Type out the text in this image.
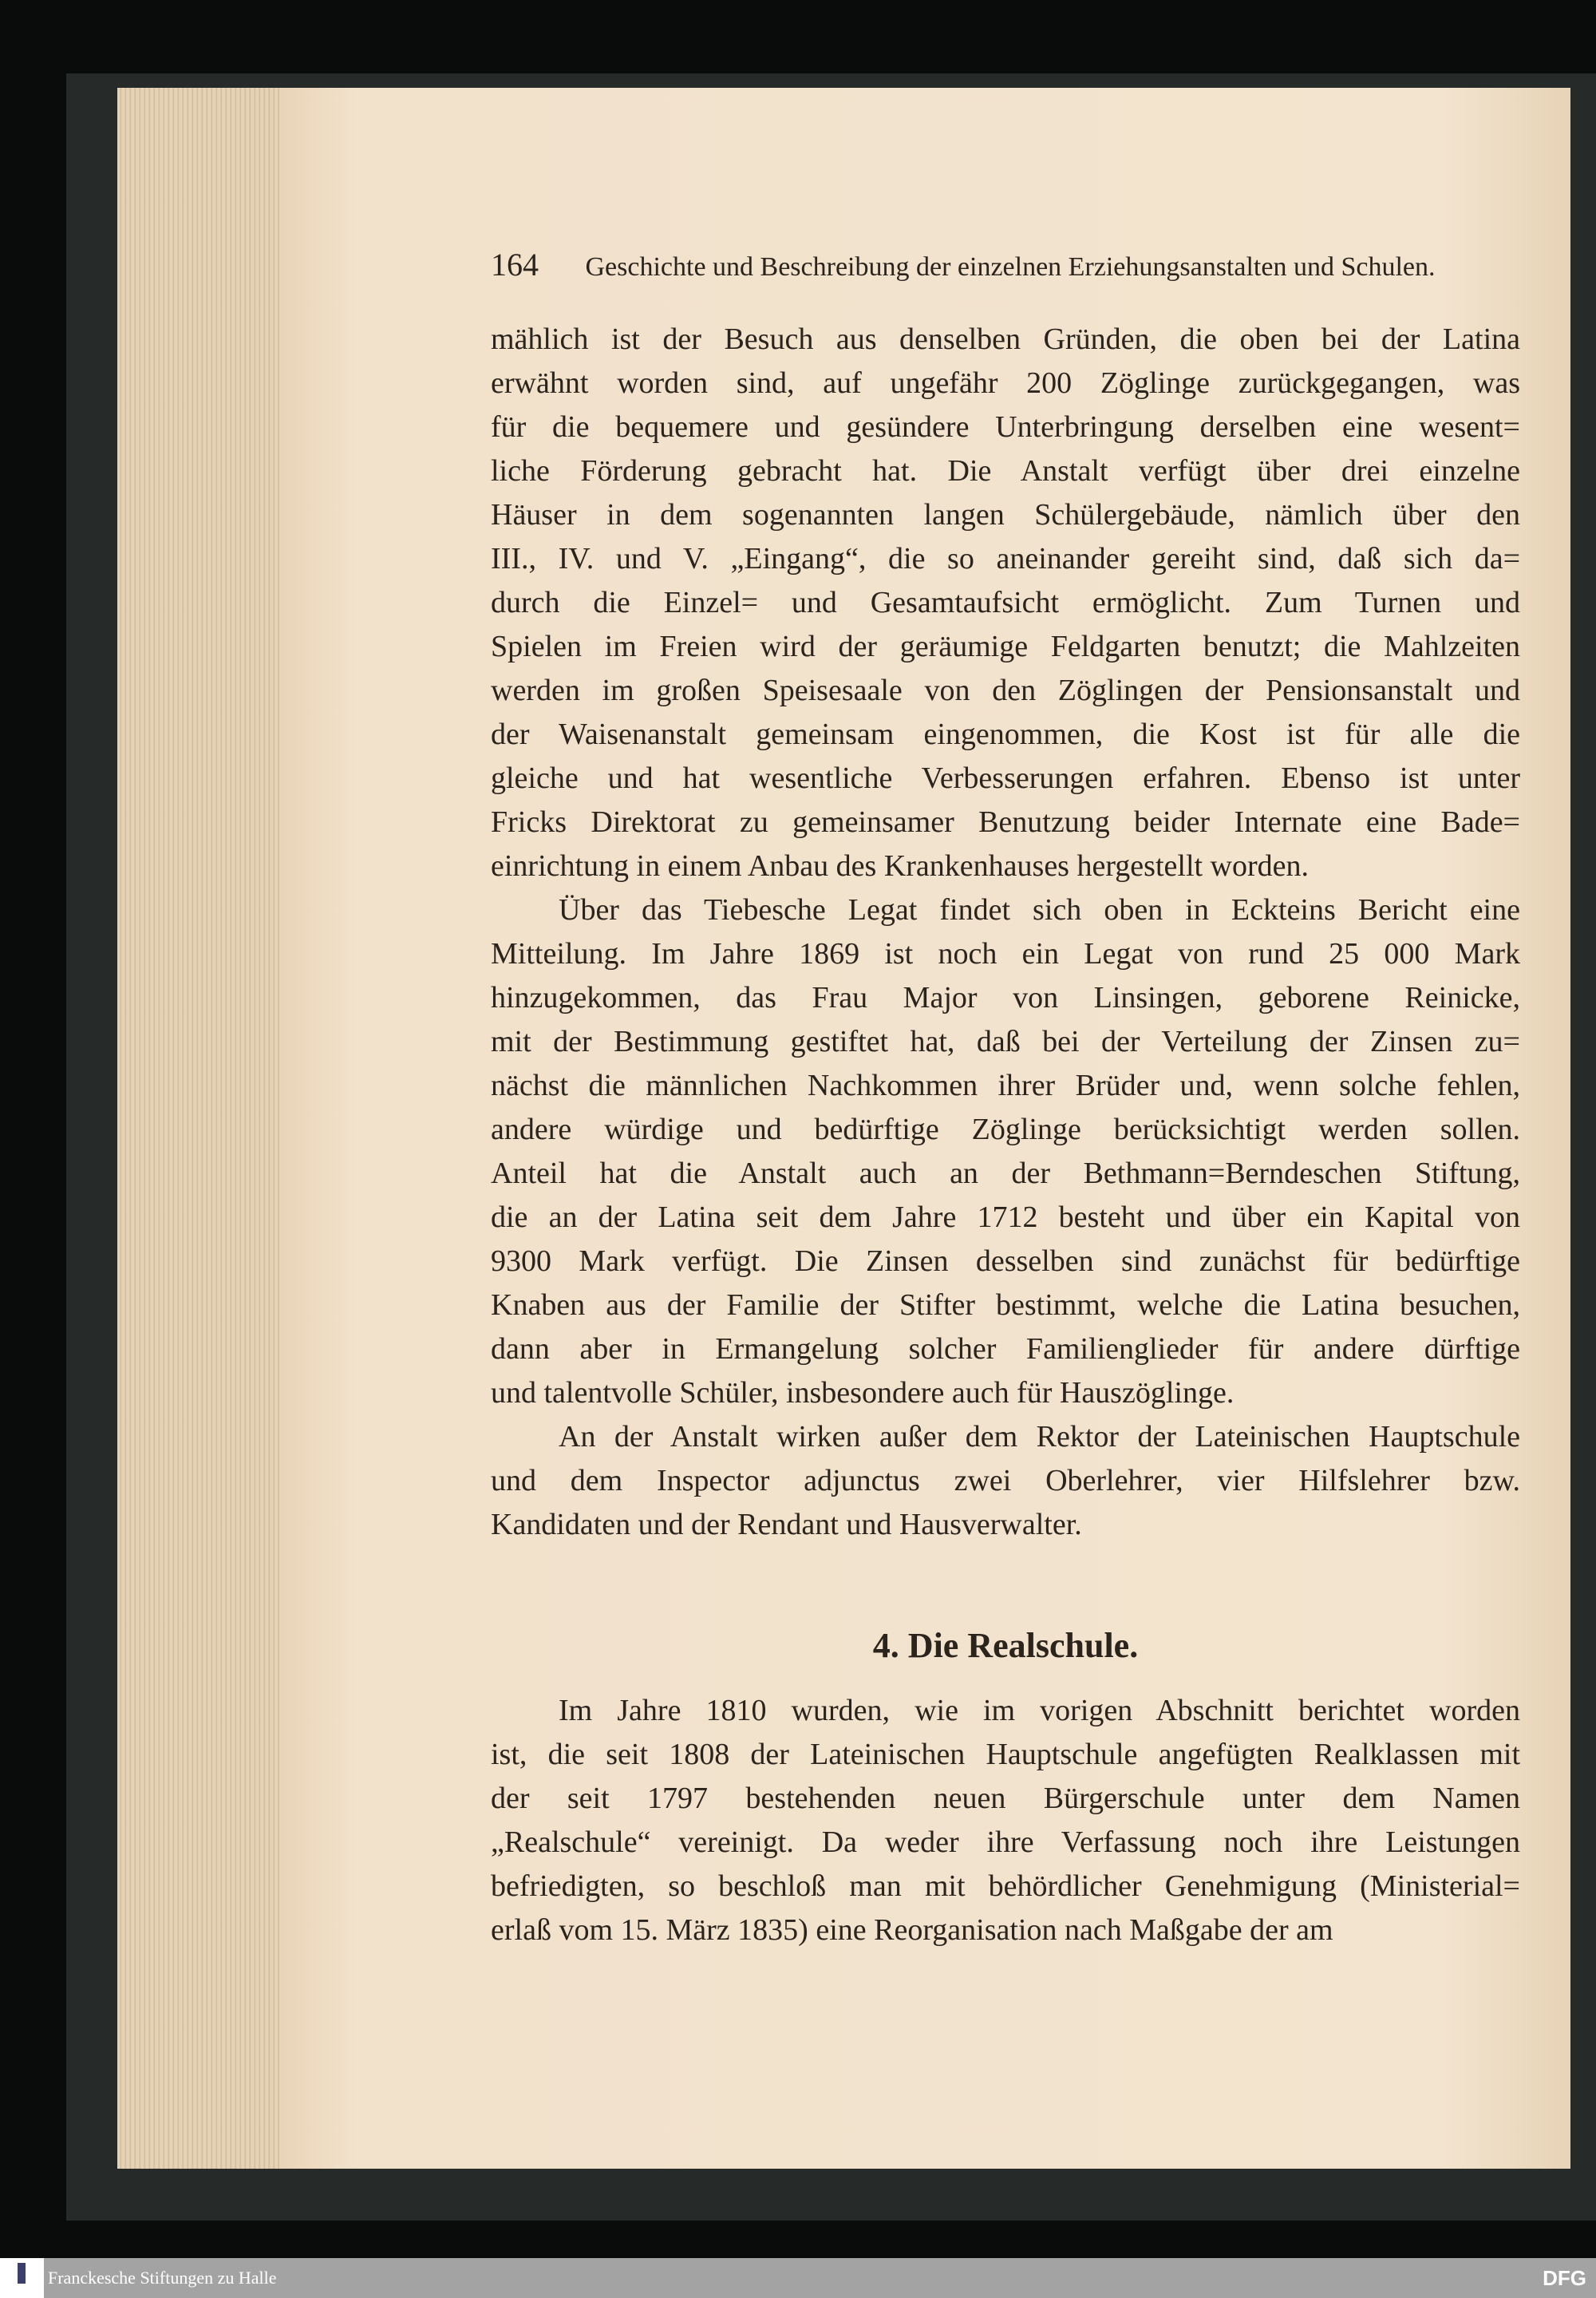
164 Geschichte und Beschreibung der einzelnen Erziehungsanstalten und Schulen.
mählich ist der Besuch aus denselben Gründen, die oben bei der Latina
erwähnt worden sind, auf ungefähr 200 Zöglinge zurückgegangen, was
für die bequemere und gesündere Unterbringung derselben eine wesent=
liche Förderung gebracht hat. Die Anstalt verfügt über drei einzelne
Häuser in dem sogenannten langen Schülergebäude, nämlich über den
III., IV. und V. „Eingang“, die so aneinander gereiht sind, daß sich da=
durch die Einzel= und Gesamtaufsicht ermöglicht. Zum Turnen und
Spielen im Freien wird der geräumige Feldgarten benutzt; die Mahlzeiten
werden im großen Speisesaale von den Zöglingen der Pensionsanstalt und
der Waisenanstalt gemeinsam eingenommen, die Kost ist für alle die
gleiche und hat wesentliche Verbesserungen erfahren. Ebenso ist unter
Fricks Direktorat zu gemeinsamer Benutzung beider Internate eine Bade=
einrichtung in einem Anbau des Krankenhauses hergestellt worden.
Über das Tiebesche Legat findet sich oben in Eckteins Bericht eine
Mitteilung. Im Jahre 1869 ist noch ein Legat von rund 25 000 Mark
hinzugekommen, das Frau Major von Linsingen, geborene Reinicke,
mit der Bestimmung gestiftet hat, daß bei der Verteilung der Zinsen zu=
nächst die männlichen Nachkommen ihrer Brüder und, wenn solche fehlen,
andere würdige und bedürftige Zöglinge berücksichtigt werden sollen.
Anteil hat die Anstalt auch an der Bethmann=Berndeschen Stiftung,
die an der Latina seit dem Jahre 1712 besteht und über ein Kapital von
9300 Mark verfügt. Die Zinsen desselben sind zunächst für bedürftige
Knaben aus der Familie der Stifter bestimmt, welche die Latina besuchen,
dann aber in Ermangelung solcher Familienglieder für andere dürftige
und talentvolle Schüler, insbesondere auch für Hauszöglinge.
An der Anstalt wirken außer dem Rektor der Lateinischen Hauptschule
und dem Inspector adjunctus zwei Oberlehrer, vier Hilfslehrer bzw.
Kandidaten und der Rendant und Hausverwalter.
Im Jahre 1810 wurden, wie im vorigen Abschnitt berichtet worden
ist, die seit 1808 der Lateinischen Hauptschule angefügten Realklassen mit
der seit 1797 bestehenden neuen Bürgerschule unter dem Namen
„Realschule“ vereinigt. Da weder ihre Verfassung noch ihre Leistungen
befriedigten, so beschloß man mit behördlicher Genehmigung (Ministerial=
erlaß vom 15. März 1835) eine Reorganisation nach Maßgabe der am
4. Die Realschule.
Franckesche Stiftungen zu Halle	DFG
